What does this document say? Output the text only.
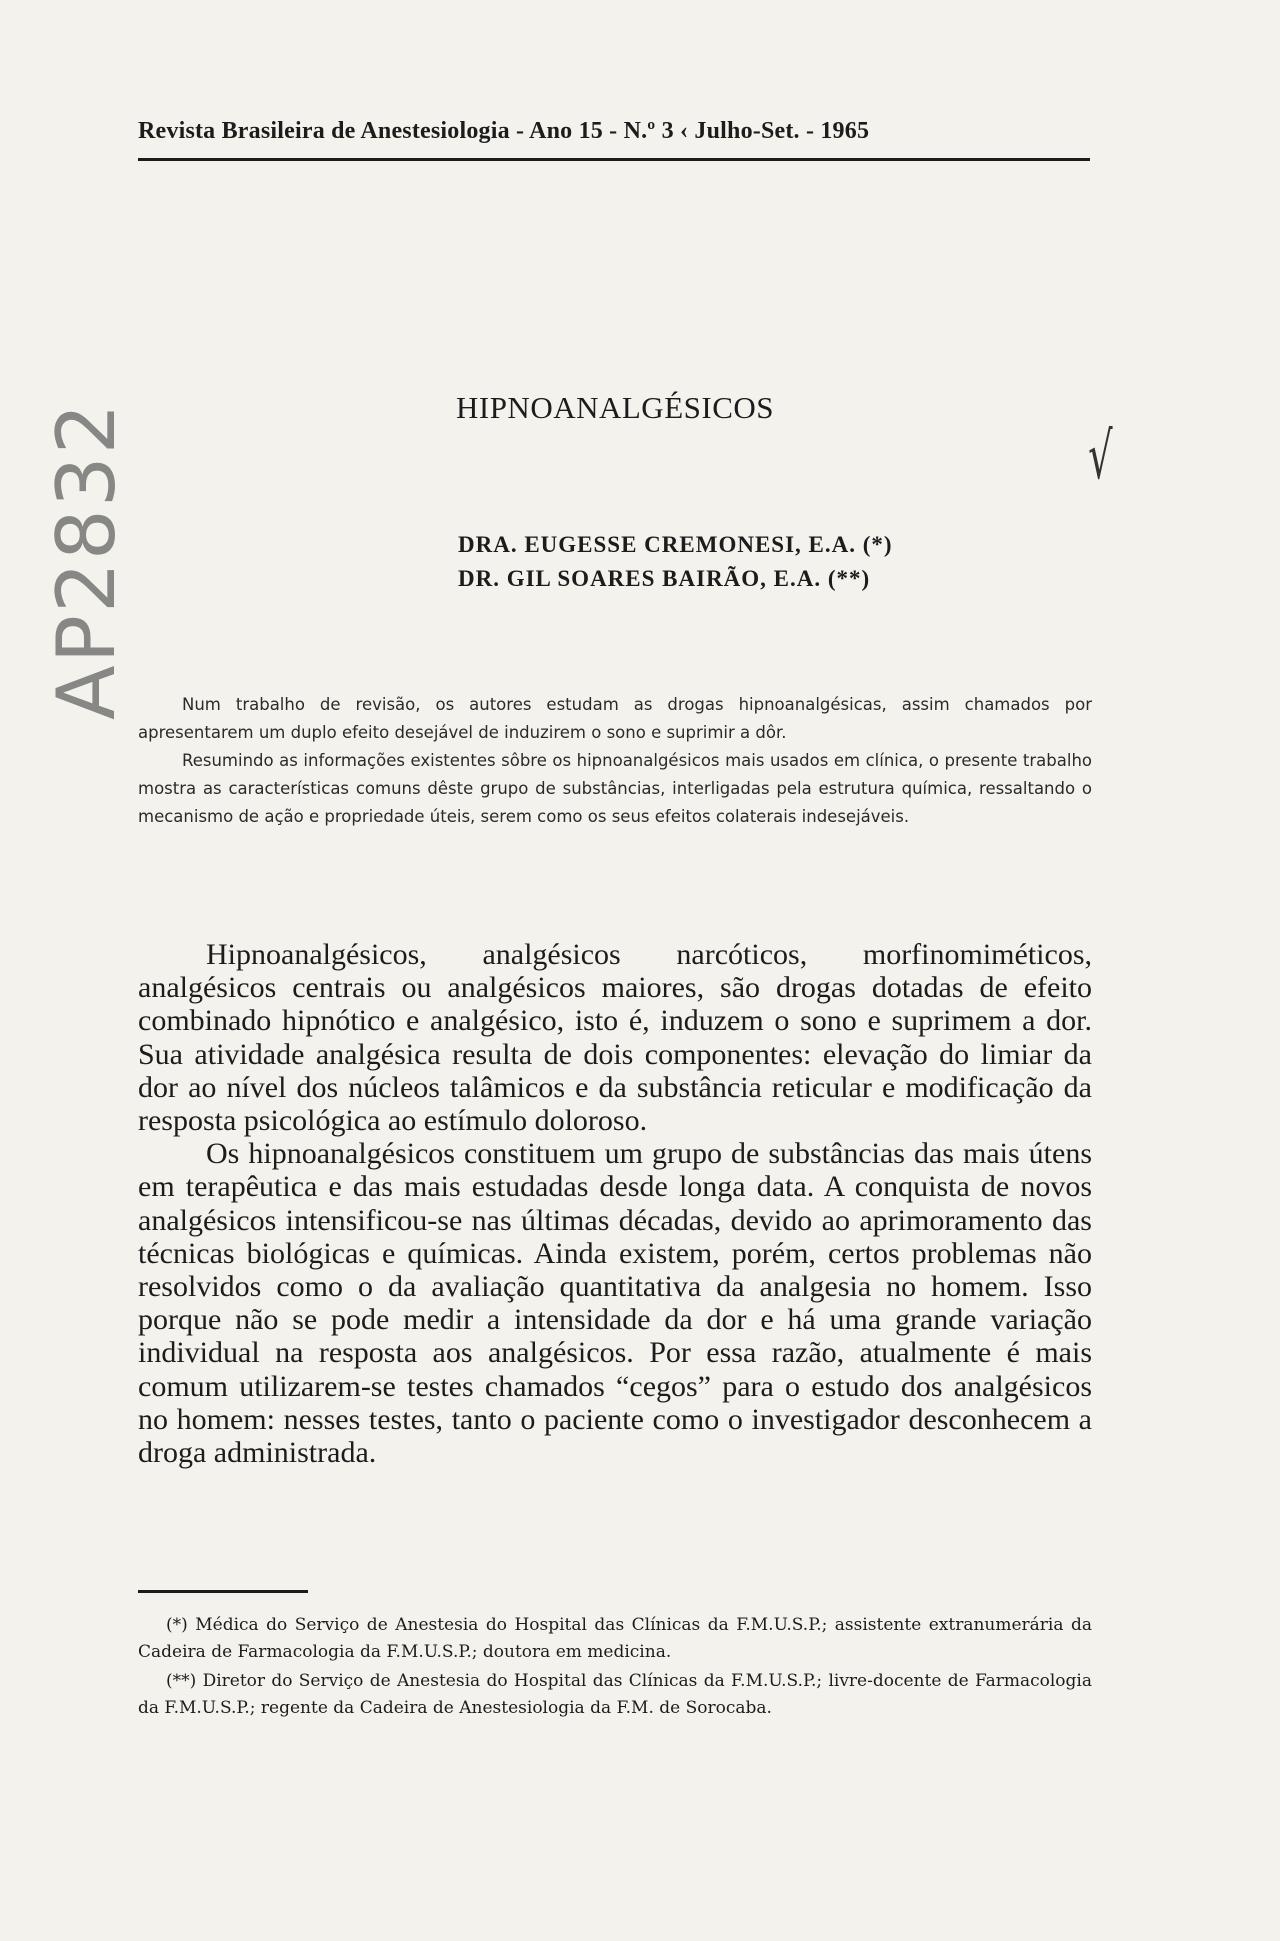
Revista Brasileira de Anestesiologia - Ano 15 - N.º 3 ‹ Julho-Set. - 1965
AP2832	HIPNOANALGÉSICOS
√
DRA. EUGESSE CREMONESI, E.A. (*)
DR. GIL SOARES BAIRÃO, E.A. (**)

Num trabalho de revisão, os autores estudam as drogas hipnoanalgésicas, assim chamados por apresentarem um duplo efeito desejável de induzirem o sono e suprimir a dôr.

Resumindo as informações existentes sôbre os hipnoanalgésicos mais usados em clínica, o presente trabalho mostra as características comuns dêste grupo de substâncias, interligadas pela estrutura química, ressaltando o mecanismo de ação e propriedade úteis, serem como os seus efeitos colaterais indesejáveis.

Hipnoanalgésicos, analgésicos narcóticos, morfinomiméticos, analgésicos centrais ou analgésicos maiores, são drogas dotadas de efeito combinado hipnótico e analgésico, isto é, induzem o sono e suprimem a dor. Sua atividade analgésica resulta de dois componentes: elevação do limiar da dor ao nível dos núcleos talâmicos e da substância reticular e modificação da resposta psicológica ao estímulo doloroso.

Os hipnoanalgésicos constituem um grupo de substâncias das mais útens em terapêutica e das mais estudadas desde longa data. A conquista de novos analgésicos intensificou-se nas últimas décadas, devido ao aprimoramento das técnicas biológicas e químicas. Ainda existem, porém, certos problemas não resolvidos como o da avaliação quantitativa da analgesia no homem. Isso porque não se pode medir a intensidade da dor e há uma grande variação individual na resposta aos analgésicos. Por essa razão, atualmente é mais comum utilizarem-se testes chamados “cegos” para o estudo dos analgésicos no homem: nesses testes, tanto o paciente como o investigador desconhecem a droga administrada.

(*) Médica do Serviço de Anestesia do Hospital das Clínicas da F.M.U.S.P.; assistente extranumerária da Cadeira de Farmacologia da F.M.U.S.P.; doutora em medicina.

(**) Diretor do Serviço de Anestesia do Hospital das Clínicas da F.M.U.S.P.; livre-docente de Farmacologia da F.M.U.S.P.; regente da Cadeira de Anestesiologia da F.M. de Sorocaba.
